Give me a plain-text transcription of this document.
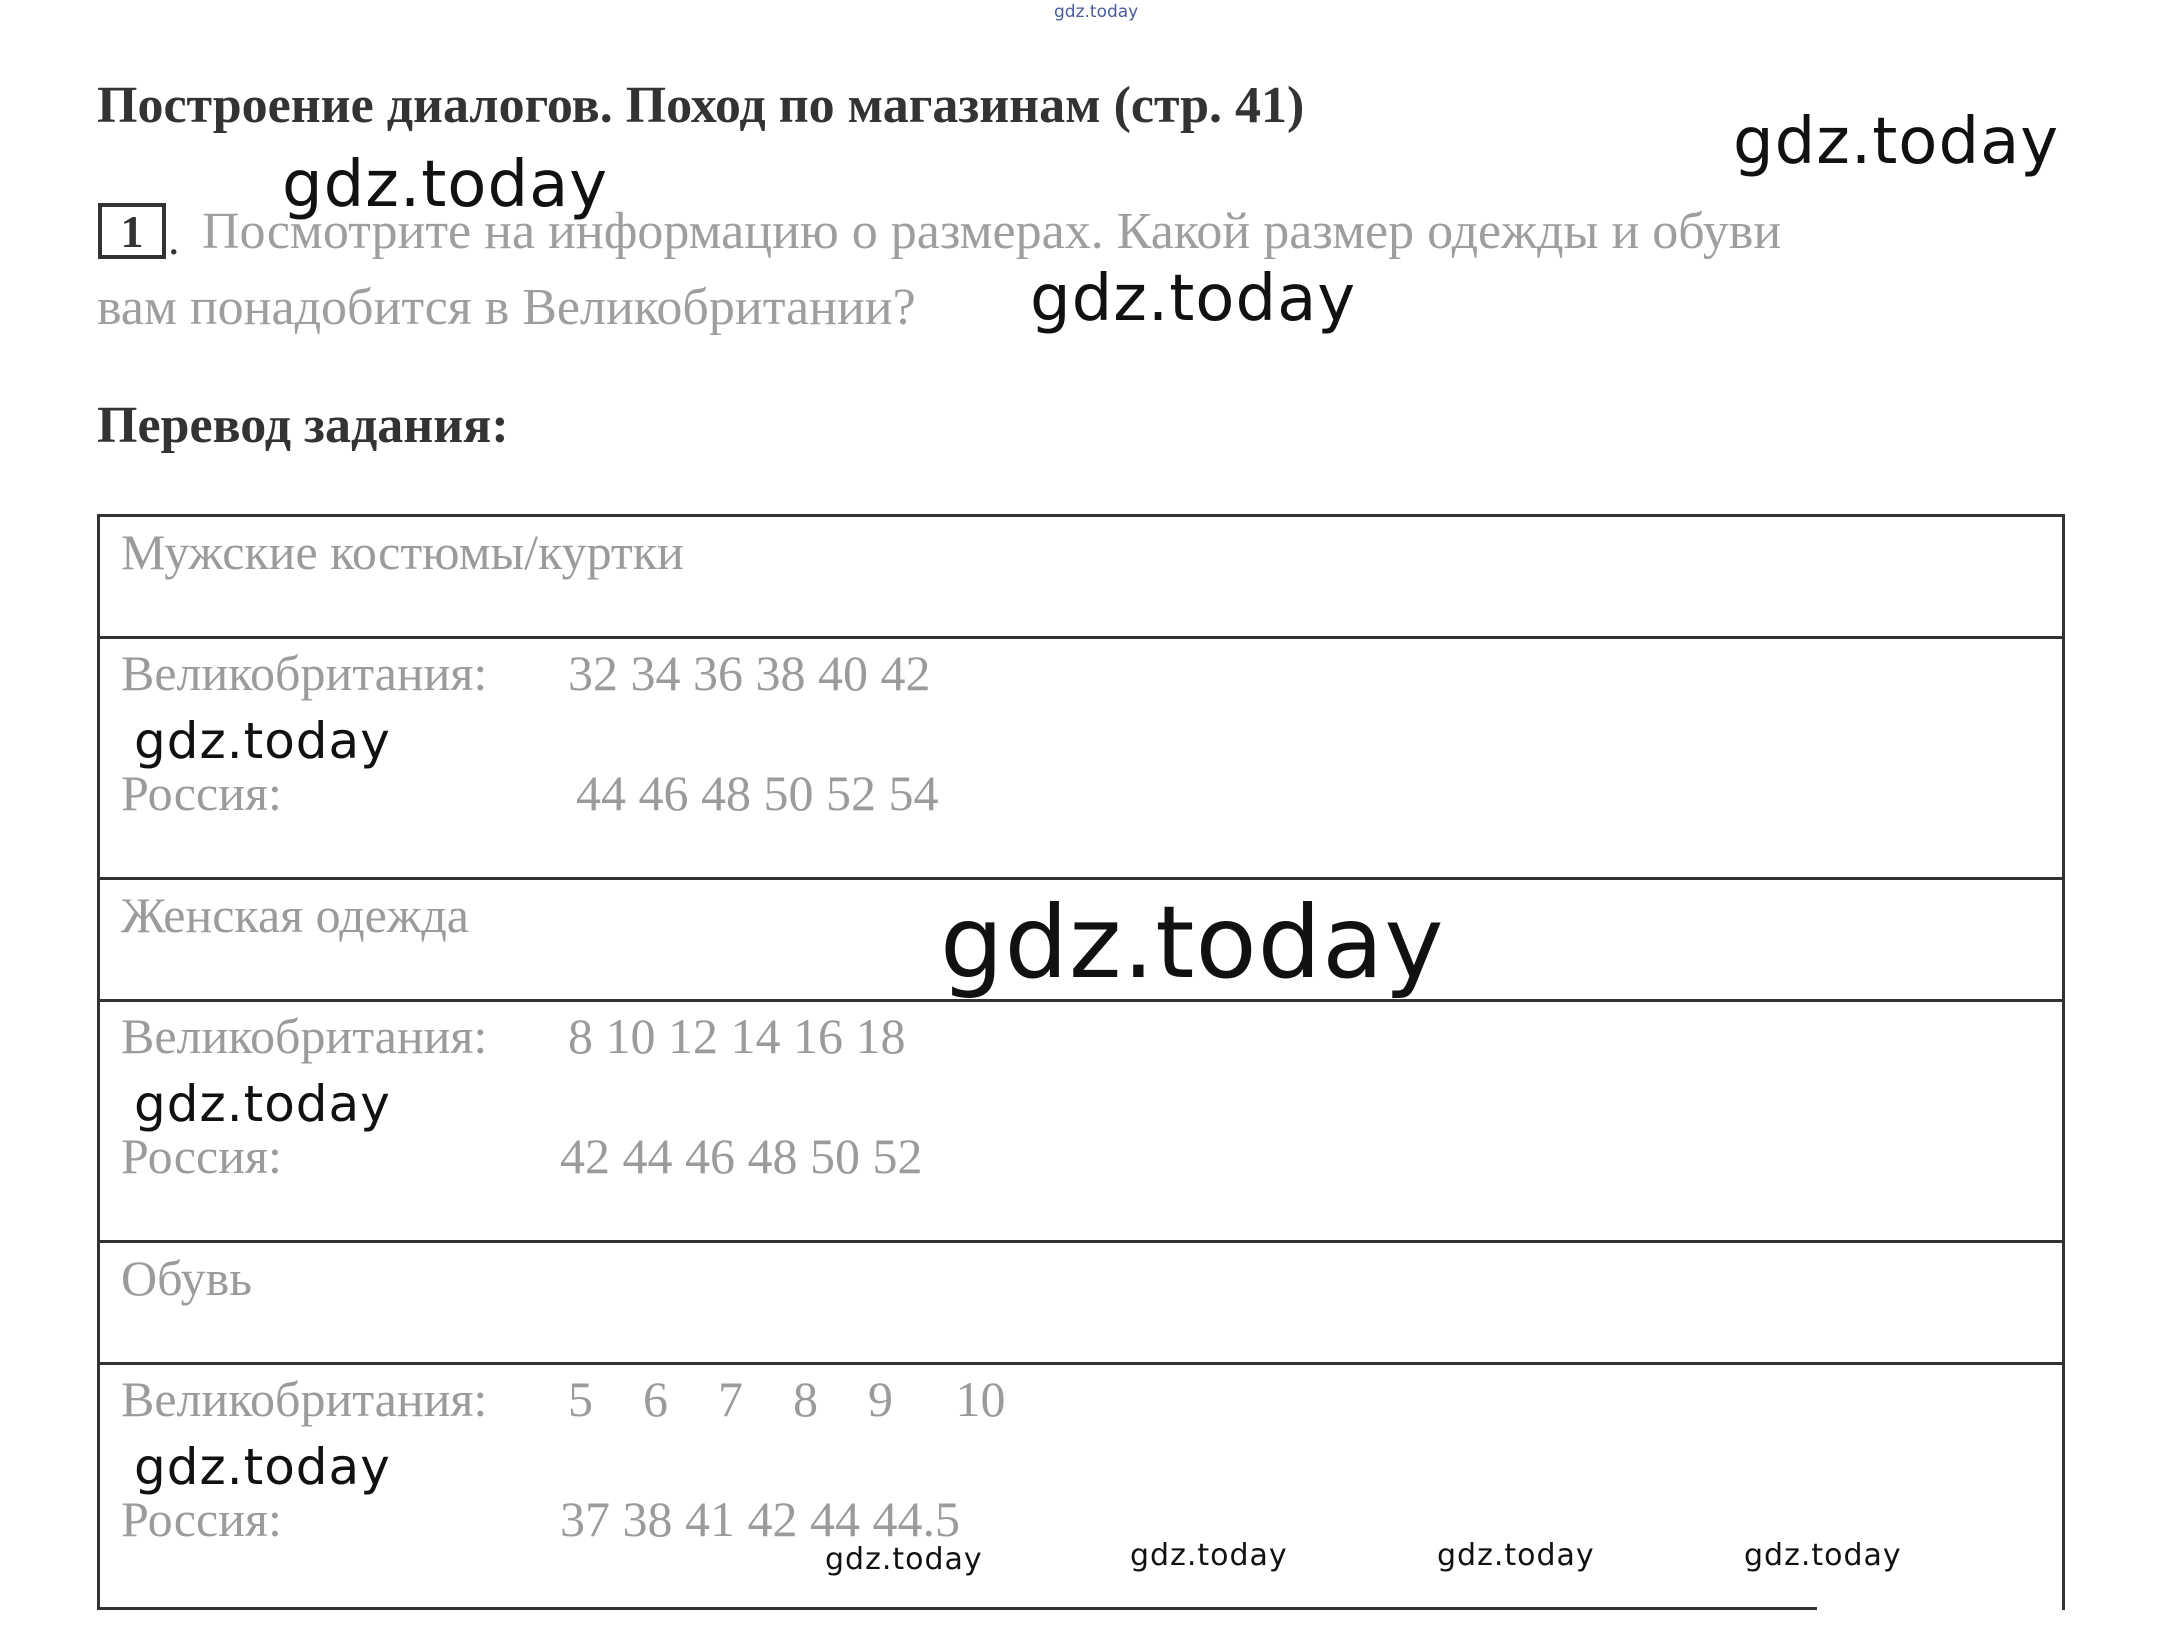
gdz.today
Построение диалогов. Поход по магазинам (стр. 41)	gdz.today
gdz.today
1 . Посмотрите на информацию о размерах. Какой размер одежды и обуви
вам понадобится в Великобритании? gdz.today
Перевод задания:
Мужские костюмы/куртки
Великобритания: 32 34 36 38 40 42
gdz.today
Россия:	44 46 48 50 52 54
Женская одежда	gdz.today
Великобритания: 8 10 12 14 16 18
gdz.today
Россия:	42 44 46 48 50 52
Обувь
Великобритания: 5    6    7    8    9     10
gdz.today
Россия:	37 38 41 42 44 44.5
gdz.today	gdz.today	gdz.today	gdz.today
